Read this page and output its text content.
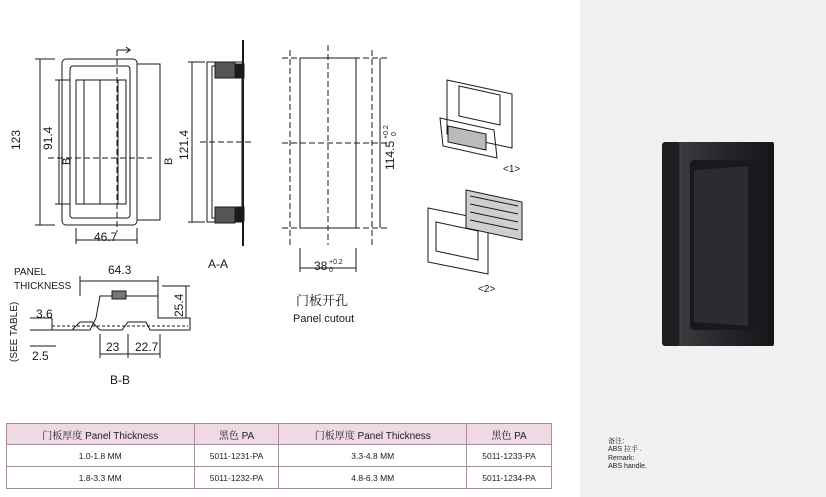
123 91.4
B	B
46.7
121.4
A-A
114.5
+0.2 0
38 +0.2
0
门板开孔
Panel cutout
<1>
<2>
64.3
PANEL
THICKNESS
25.4
3.6
(SEE TABLE) 2.5
23 22.7
B-B
门板厚度 Panel Thickness	黑色 PA	门板厚度 Panel Thickness	黑色 PA
1.0-1.8 MM	5011-1231-PA	3.3-4.8 MM	5011-1233-PA
1.8-3.3 MM	5011-1232-PA	4.8-6.3 MM	5011-1234-PA
备注：
ABS 拉手 .
Remark:
ABS handle.
